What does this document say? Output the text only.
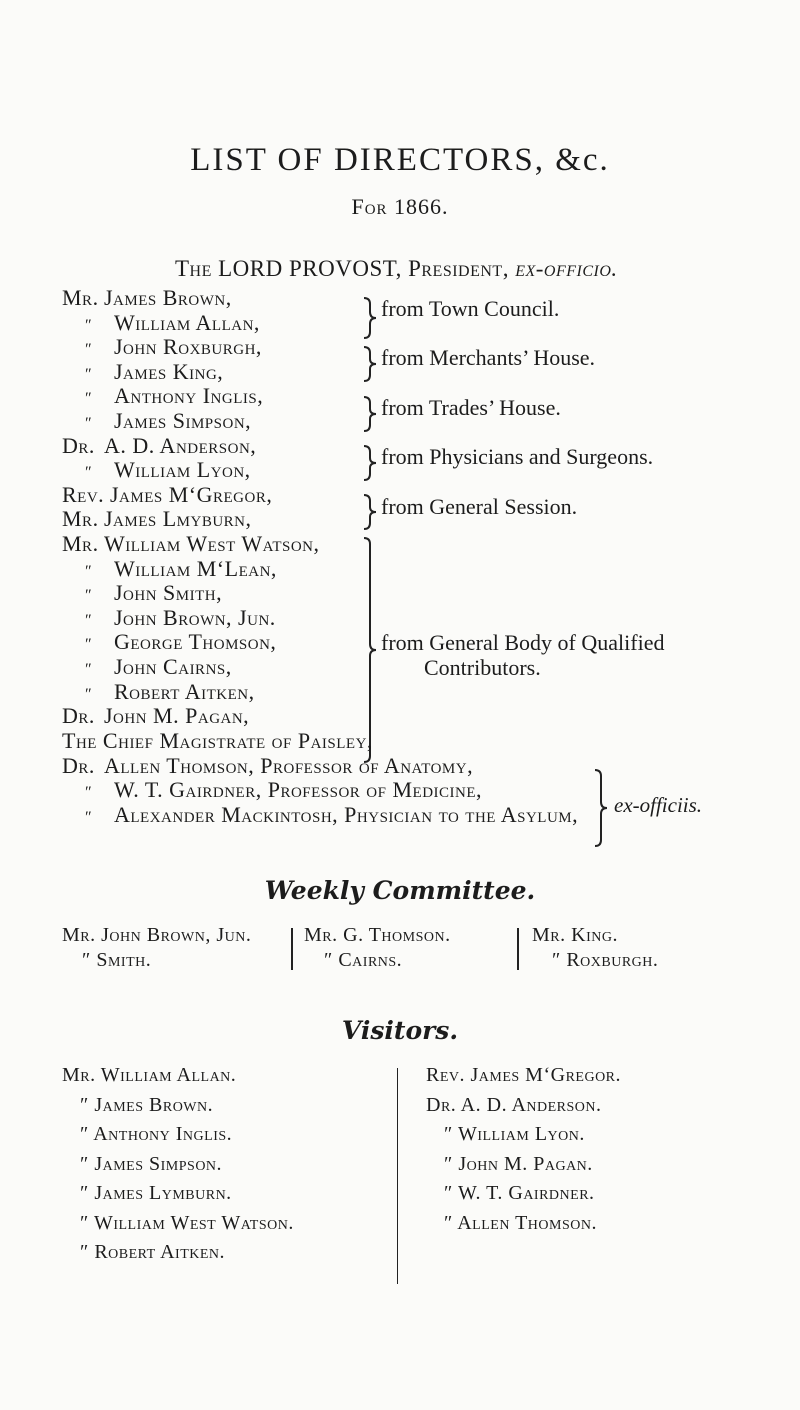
LIST OF DIRECTORS, &c.
For 1866.
The LORD PROVOST, President, ex-officio.
Mr. James Brown,
″ William Allan,
″ John Roxburgh,
″ James King,
″ Anthony Inglis,
″ James Simpson,
Dr. A. D. Anderson,
″ William Lyon,
Rev. James M‘Gregor,
Mr. James Lmyburn,
Mr. William West Watson,
″ William M‘Lean,
″ John Smith,
″ John Brown, Jun.
″ George Thomson,
″ John Cairns,
″ Robert Aitken,
Dr. John M. Pagan,
from Town Council.
from Merchants’ House.
from Trades’ House.
from Physicians and Surgeons.
from General Session.
from General Body of Qualified
Contributors.
The Chief Magistrate of Paisley,
Dr. Allen Thomson, Professor of Anatomy,
″ W. T. Gairdner, Professor of Medicine,
″ Alexander Mackintosh, Physician to the Asylum, ex-officiis.
Weekly Committee.
Mr. John Brown, Jun.
″ Smith.
Mr. G. Thomson.
″ Cairns.
Mr. King.
″ Roxburgh.
Visitors.
Mr. William Allan.
″ James Brown.
″ Anthony Inglis.
″ James Simpson.
″ James Lymburn.
″ William West Watson.
″ Robert Aitken.
Rev. James M‘Gregor.
Dr. A. D. Anderson.
″ William Lyon.
″ John M. Pagan.
″ W. T. Gairdner.
″ Allen Thomson.
